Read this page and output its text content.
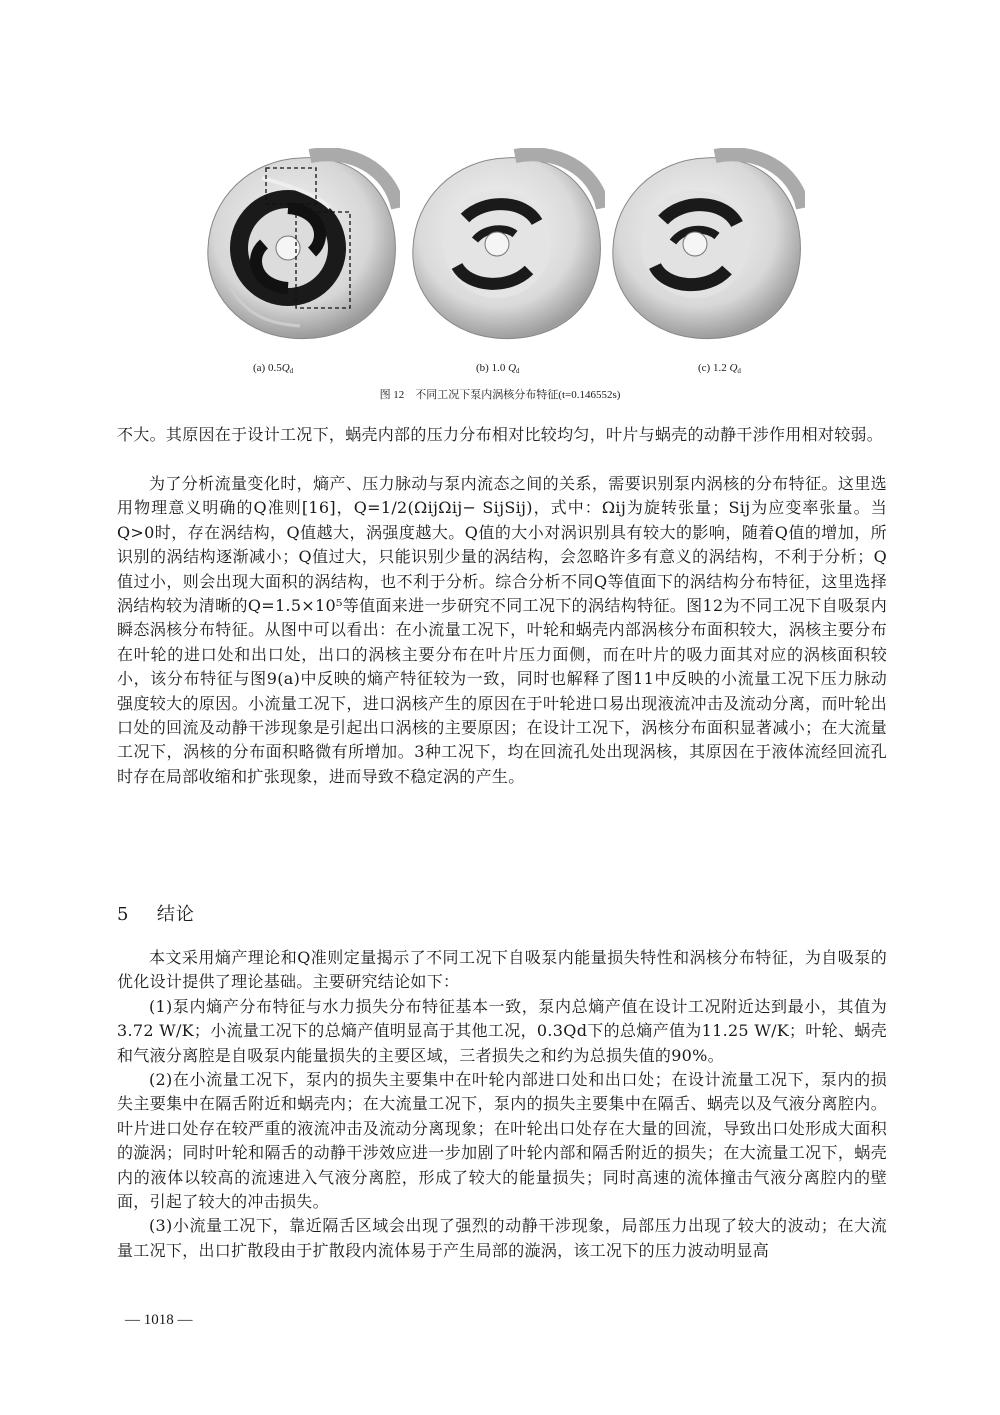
(a) $0.5Q_d$	(b) 1.0 $Q_d$	(c) 1.2 $Q_d$
图 12　不同工况下泵内涡核分布特征(t=0.146552s)

不大。其原因在于设计工况下，蜗壳内部的压力分布相对比较均匀，叶片与蜗壳的动静干涉作用相对较弱。

为了分析流量变化时，熵产、压力脉动与泵内流态之间的关系，需要识别泵内涡核的分布特征。这里选用物理意义明确的Q准则[16]，Q=1/2(ΩijΩij− SijSij)，式中：Ωij为旋转张量；Sij为应变率张量。当Q>0时，存在涡结构，Q值越大，涡强度越大。Q值的大小对涡识别具有较大的影响，随着Q值的增加，所识别的涡结构逐渐减小；Q值过大，只能识别少量的涡结构，会忽略许多有意义的涡结构，不利于分析；Q值过小，则会出现大面积的涡结构，也不利于分析。综合分析不同Q等值面下的涡结构分布特征，这里选择涡结构较为清晰的Q=1.5×10⁵等值面来进一步研究不同工况下的涡结构特征。图12为不同工况下自吸泵内瞬态涡核分布特征。从图中可以看出：在小流量工况下，叶轮和蜗壳内部涡核分布面积较大，涡核主要分布在叶轮的进口处和出口处，出口的涡核主要分布在叶片压力面侧，而在叶片的吸力面其对应的涡核面积较小，该分布特征与图9(a)中反映的熵产特征较为一致，同时也解释了图11中反映的小流量工况下压力脉动强度较大的原因。小流量工况下，进口涡核产生的原因在于叶轮进口易出现液流冲击及流动分离，而叶轮出口处的回流及动静干涉现象是引起出口涡核的主要原因；在设计工况下，涡核分布面积显著减小；在大流量工况下，涡核的分布面积略微有所增加。3种工况下，均在回流孔处出现涡核，其原因在于液体流经回流孔时存在局部收缩和扩张现象，进而导致不稳定涡的产生。

5 结论

本文采用熵产理论和Q准则定量揭示了不同工况下自吸泵内能量损失特性和涡核分布特征，为自吸泵的优化设计提供了理论基础。主要研究结论如下：

(1)泵内熵产分布特征与水力损失分布特征基本一致，泵内总熵产值在设计工况附近达到最小，其值为3.72 W/K；小流量工况下的总熵产值明显高于其他工况，0.3Qd下的总熵产值为11.25 W/K；叶轮、蜗壳和气液分离腔是自吸泵内能量损失的主要区域，三者损失之和约为总损失值的90%。

(2)在小流量工况下，泵内的损失主要集中在叶轮内部进口处和出口处；在设计流量工况下，泵内的损失主要集中在隔舌附近和蜗壳内；在大流量工况下，泵内的损失主要集中在隔舌、蜗壳以及气液分离腔内。叶片进口处存在较严重的液流冲击及流动分离现象；在叶轮出口处存在大量的回流，导致出口处形成大面积的漩涡；同时叶轮和隔舌的动静干涉效应进一步加剧了叶轮内部和隔舌附近的损失；在大流量工况下，蜗壳内的液体以较高的流速进入气液分离腔，形成了较大的能量损失；同时高速的流体撞击气液分离腔内的壁面，引起了较大的冲击损失。

(3)小流量工况下，靠近隔舌区域会出现了强烈的动静干涉现象，局部压力出现了较大的波动；在大流量工况下，出口扩散段由于扩散段内流体易于产生局部的漩涡，该工况下的压力波动明显高

— 1018 —
